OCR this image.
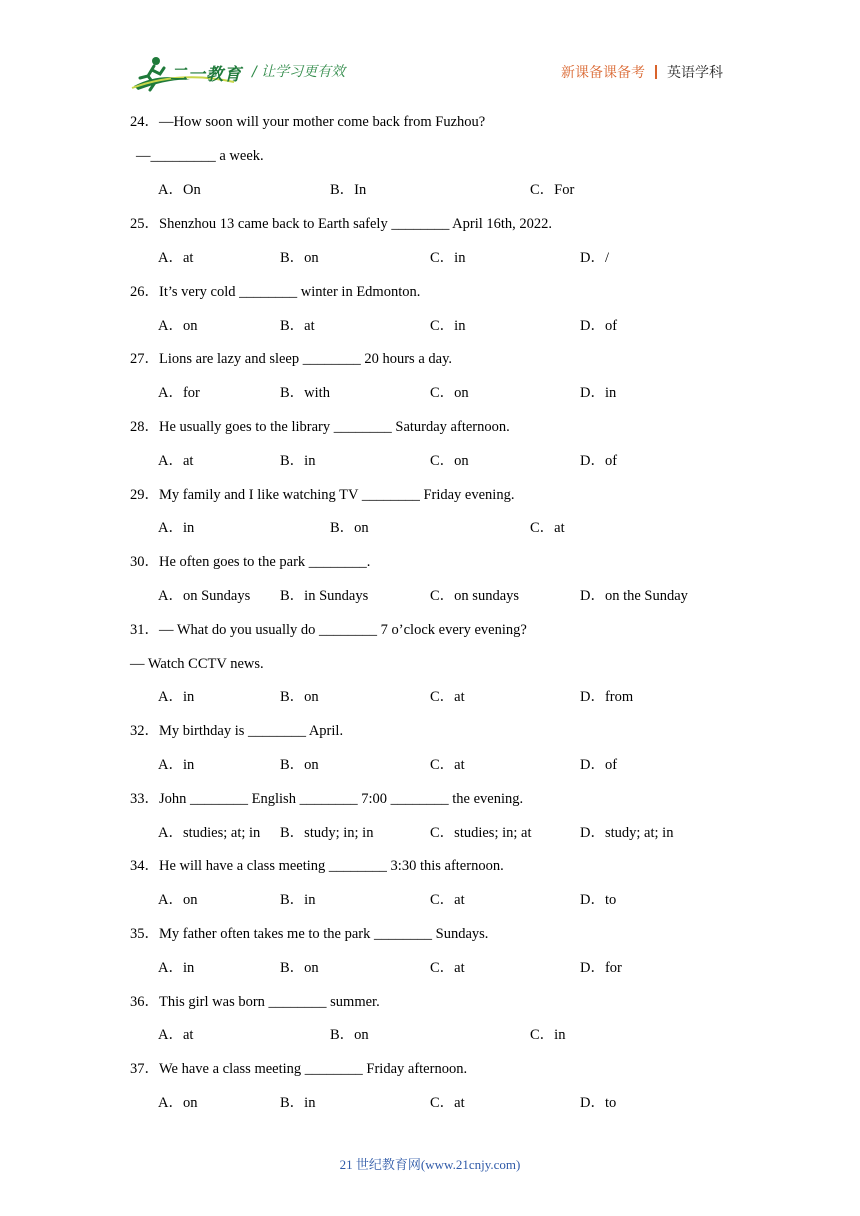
二一教育 / 让学习更有效	新课备课备考 英语学科
24．—How soon will your mother come back from Fuzhou?
—_________ a week.
A．On	B．In	C．For
25．Shenzhou 13 came back to Earth safely ________ April 16th, 2022.
A．at	B．on	C．in	D．/
26．It’s very cold ________ winter in Edmonton.
A．on	B．at	C．in	D．of
27．Lions are lazy and sleep ________ 20 hours a day.
A．for	B．with	C．on	D．in
28．He usually goes to the library ________ Saturday afternoon.
A．at	B．in	C．on	D．of
29．My family and I like watching TV ________ Friday evening.
A．in	B．on	C．at
30．He often goes to the park ________.
A．on Sundays B．in Sundays	C．on sundays	D．on the Sunday
31．— What do you usually do ________ 7 o’clock every evening?
— Watch CCTV news.
A．in	B．on	C．at	D．from
32．My birthday is ________ April.
A．in	B．on	C．at	D．of
33．John ________ English ________ 7:00 ________ the evening.
A．studies; at; in B．study; in; in	C．studies; in; at	D．study; at; in
34．He will have a class meeting ________ 3:30 this afternoon.
A．on	B．in	C．at	D．to
35．My father often takes me to the park ________ Sundays.
A．in	B．on	C．at	D．for
36．This girl was born ________ summer.
A．at	B．on	C．in
37．We have a class meeting ________ Friday afternoon.
A．on	B．in	C．at	D．to
21 世纪教育网(www.21cnjy.com)
